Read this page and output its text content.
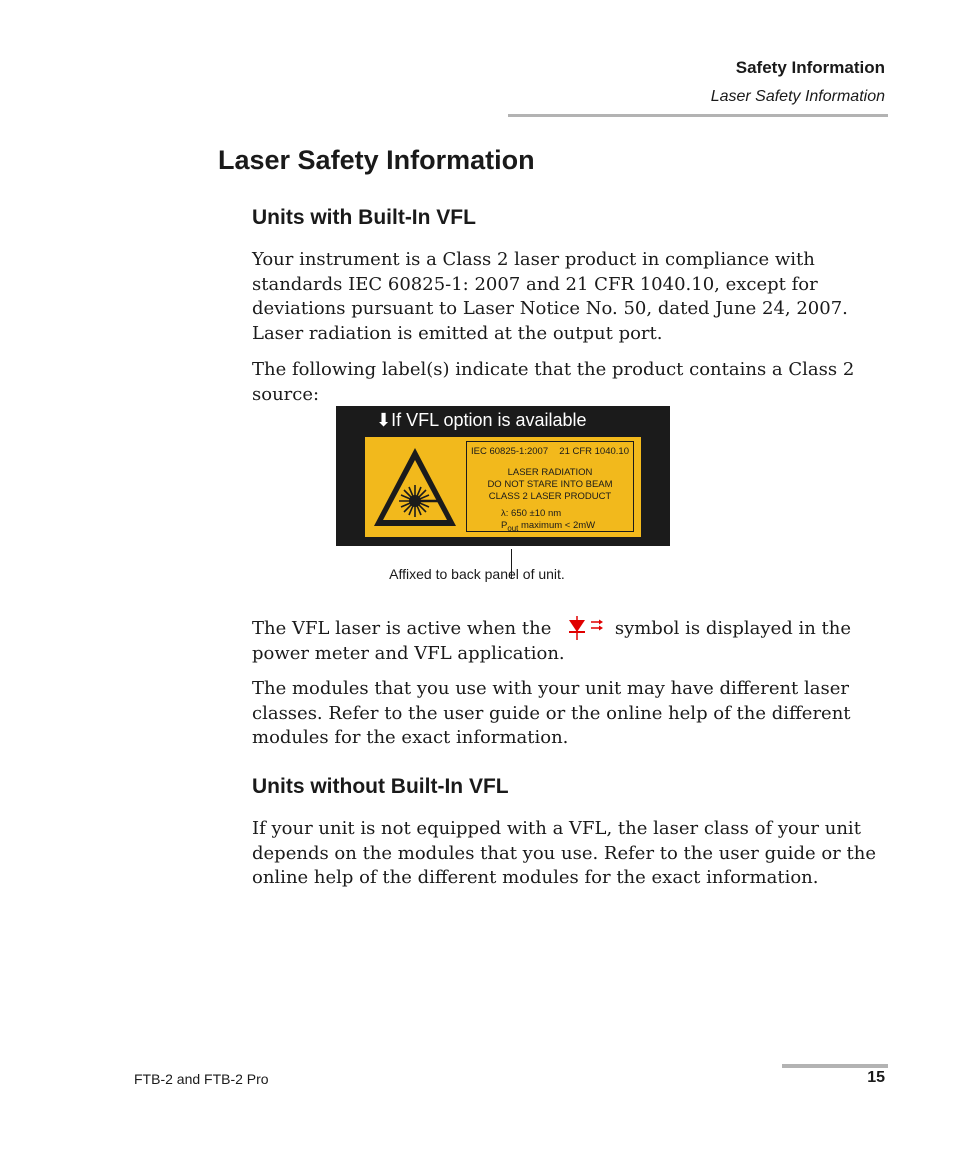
Safety Information
Laser Safety Information
Laser Safety Information
Units with Built-In VFL

Your instrument is a Class 2 laser product in compliance with standards IEC 60825-1: 2007 and 21 CFR 1040.10, except for deviations pursuant to Laser Notice No. 50, dated June 24, 2007. Laser radiation is emitted at the output port.

The following label(s) indicate that the product contains a Class 2 source:

⬇If VFL option is available
IEC 60825-1:2007 21 CFR 1040.10
LASER RADIATION
DO NOT STARE INTO BEAM
CLASS 2 LASER PRODUCT
λ: 650 ±10 nm
$P_{out}$ maximum < 2mW
Affixed to back panel of unit.

The VFL laser is active when the	symbol is displayed in the power meter and VFL application.

The modules that you use with your unit may have different laser classes. Refer to the user guide or the online help of the different modules for the exact information.

Units without Built-In VFL

If your unit is not equipped with a VFL, the laser class of your unit depends on the modules that you use. Refer to the user guide or the online help of the different modules for the exact information.

FTB-2 and FTB-2 Pro	15
